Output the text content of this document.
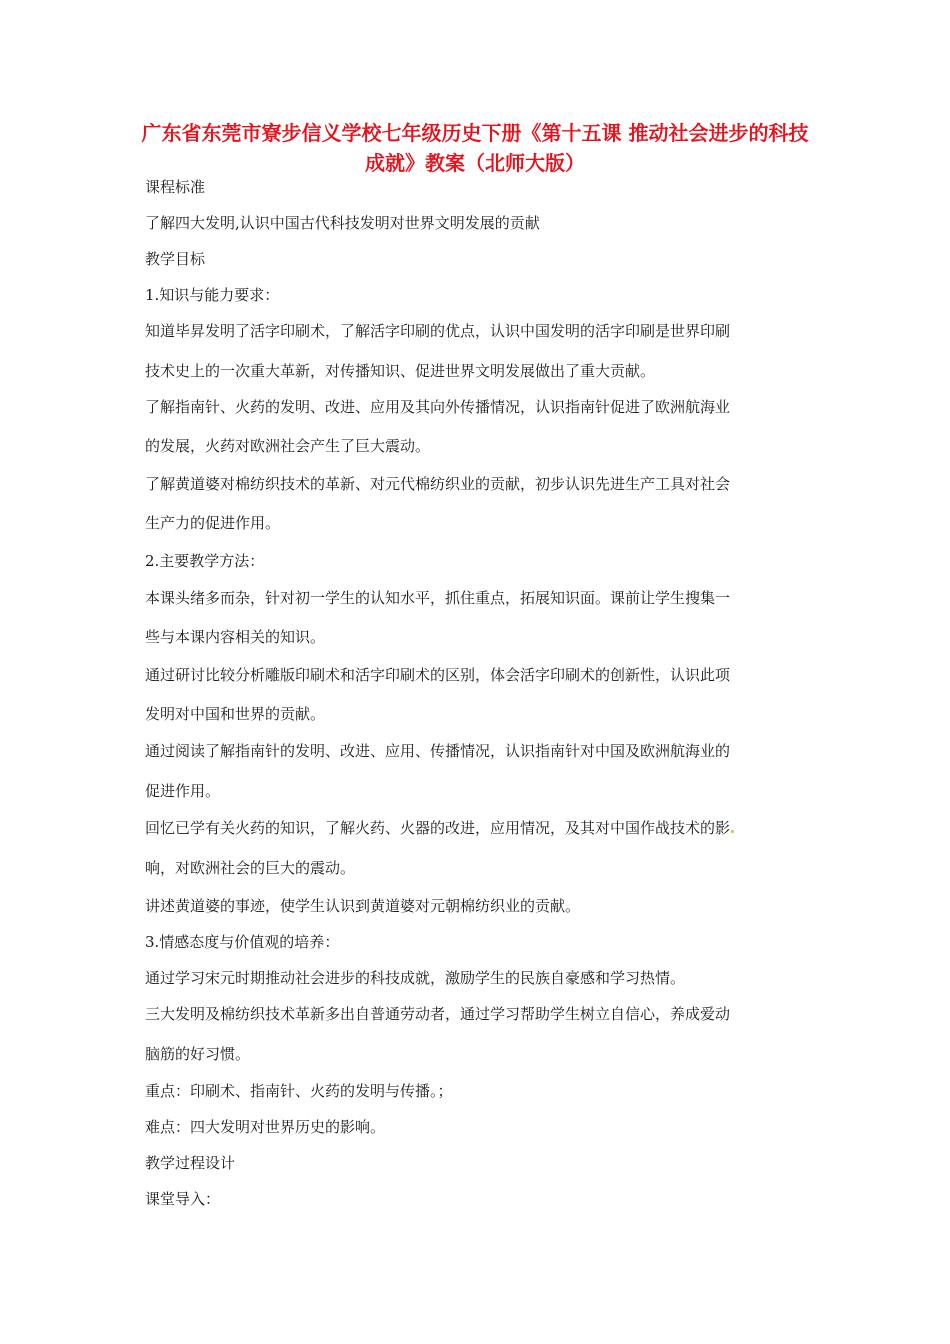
广东省东莞市寮步信义学校七年级历史下册《第十五课 推动社会进步的科技成就》教案（北师大版）
课程标准
了解四大发明,认识中国古代科技发明对世界文明发展的贡献
教学目标
1.知识与能力要求：
知道毕昇发明了活字印刷术，了解活字印刷的优点，认识中国发明的活字印刷是世界印刷
技术史上的一次重大革新，对传播知识、促进世界文明发展做出了重大贡献。
了解指南针、火药的发明、改进、应用及其向外传播情况，认识指南针促进了欧洲航海业
的发展，火药对欧洲社会产生了巨大震动。
了解黄道婆对棉纺织技术的革新、对元代棉纺织业的贡献，初步认识先进生产工具对社会
生产力的促进作用。
2.主要教学方法：
本课头绪多而杂，针对初一学生的认知水平，抓住重点，拓展知识面。课前让学生搜集一
些与本课内容相关的知识。
通过研讨比较分析雕版印刷术和活字印刷术的区别，体会活字印刷术的创新性，认识此项
发明对中国和世界的贡献。
通过阅读了解指南针的发明、改进、应用、传播情况，认识指南针对中国及欧洲航海业的
促进作用。
回忆已学有关火药的知识，了解火药、火器的改进，应用情况，及其对中国作战技术的影
响，对欧洲社会的巨大的震动。
讲述黄道婆的事迹，使学生认识到黄道婆对元朝棉纺织业的贡献。
3.情感态度与价值观的培养：
通过学习宋元时期推动社会进步的科技成就，激励学生的民族自豪感和学习热情。
三大发明及棉纺织技术革新多出自普通劳动者，通过学习帮助学生树立自信心，养成爱动
脑筋的好习惯。
重点：印刷术、指南针、火药的发明与传播。；
难点：四大发明对世界历史的影响。
教学过程设计
课堂导入：
